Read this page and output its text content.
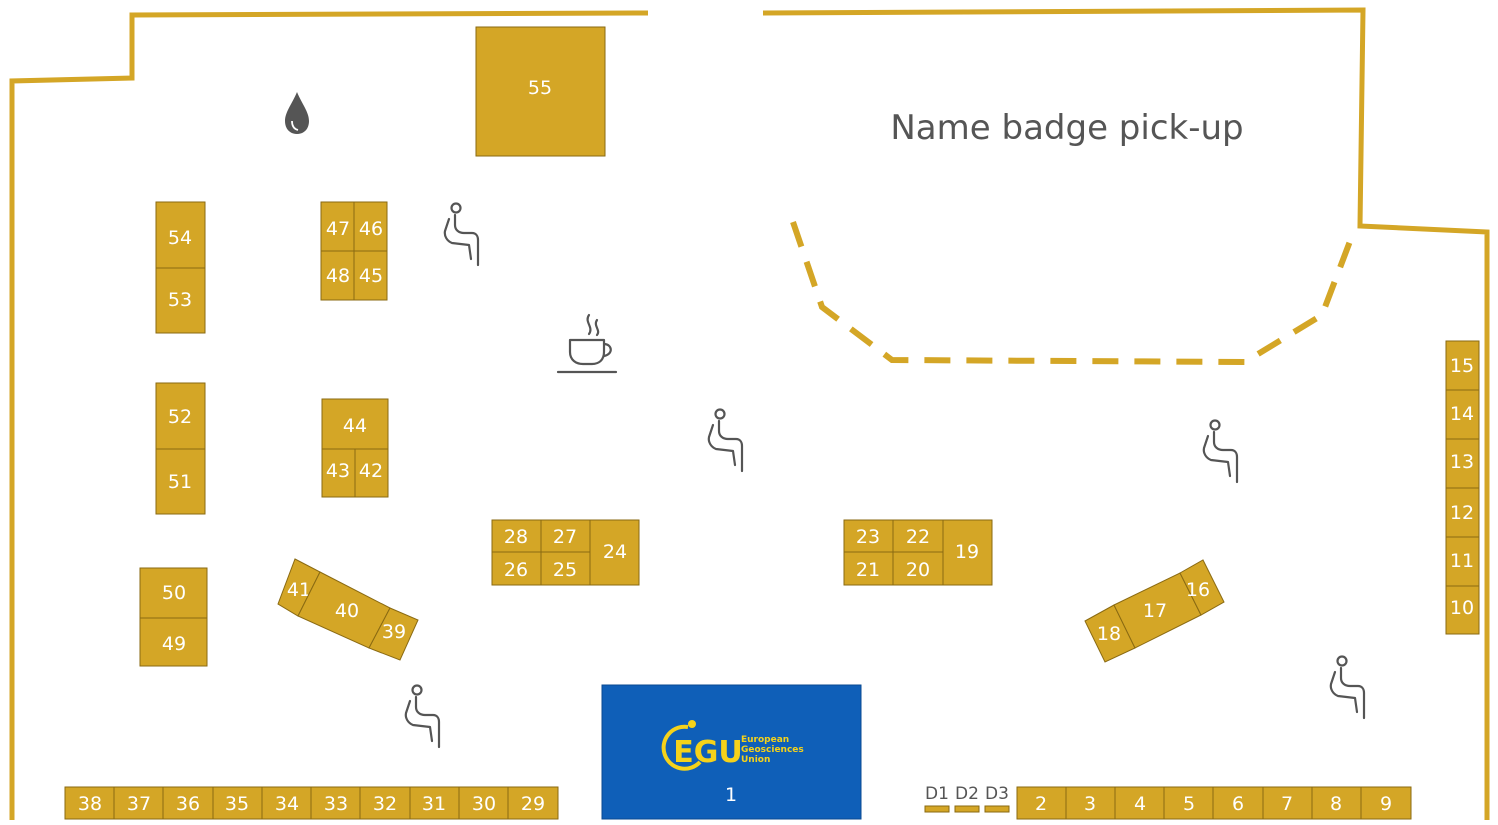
Name badge pick-up
55
54
53
52
51
50
49
47 46
48 45
44
43 42
41
40
39
28 27
26 25
24
23 22
21 20
19
18
17
16
15
14
13
12
11
10
38 37 36 35 34 33 32 31 30 29
EGU
European
Geosciences
Union
1	D1 D2 D3 2 3 4 5 6 7 8 9
